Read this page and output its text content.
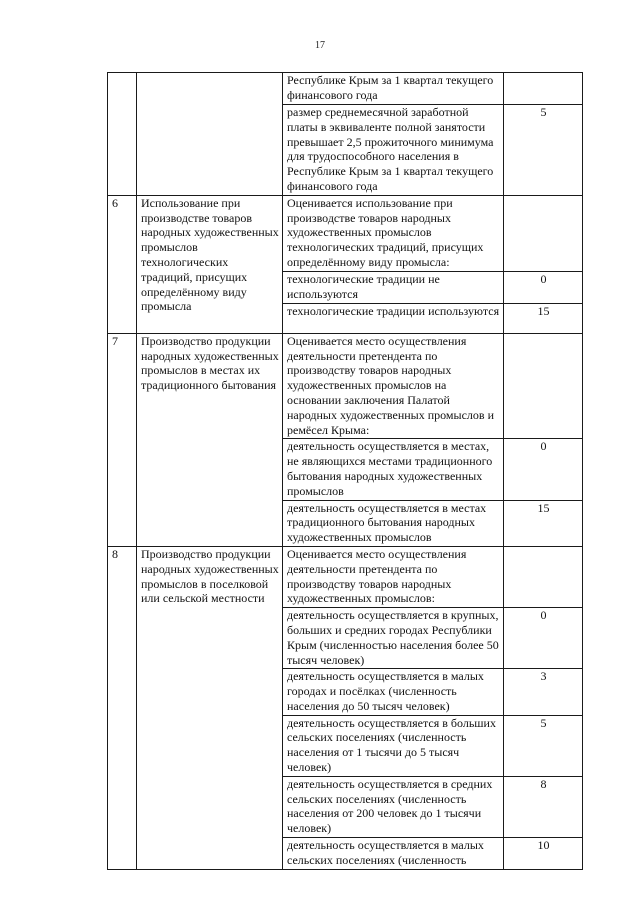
17
		Республике Крым за 1 квартал текущего финансового года	
		размер среднемесячной заработной платы в эквиваленте полной занятости превышает 2,5 прожиточного минимума для трудоспособного населения в Республике Крым за 1 квартал текущего финансового года	5
6	Использование при производстве товаров народных художественных промыслов технологических традиций, присущих определённому виду промысла	Оценивается использование при производстве товаров народных художественных промыслов технологических традиций, присущих определённому виду промысла:	
		технологические традиции не используются	0
		технологические традиции используются	15
7	Производство продукции народных художественных промыслов в местах их традиционного бытования	Оценивается место осуществления деятельности претендента по производству товаров народных художественных промыслов на основании заключения Палатой народных художественных промыслов и ремёсел Крыма:	
		деятельность осуществляется в местах, не являющихся местами традиционного бытования народных художественных промыслов	0
		деятельность осуществляется в местах традиционного бытования народных художественных промыслов	15
8	Производство продукции народных художественных промыслов в поселковой или сельской местности	Оценивается место осуществления деятельности претендента по производству товаров народных художественных промыслов:	
		деятельность осуществляется в крупных, больших и средних городах Республики Крым (численностью населения более 50 тысяч человек)	0
		деятельность осуществляется в малых городах и посёлках (численность населения до 50 тысяч человек)	3
		деятельность осуществляется в больших сельских поселениях (численность населения от 1 тысячи до 5 тысяч человек)	5
		деятельность осуществляется в средних сельских поселениях (численность населения от 200 человек до 1 тысячи человек)	8
		деятельность осуществляется в малых сельских поселениях (численность	10
